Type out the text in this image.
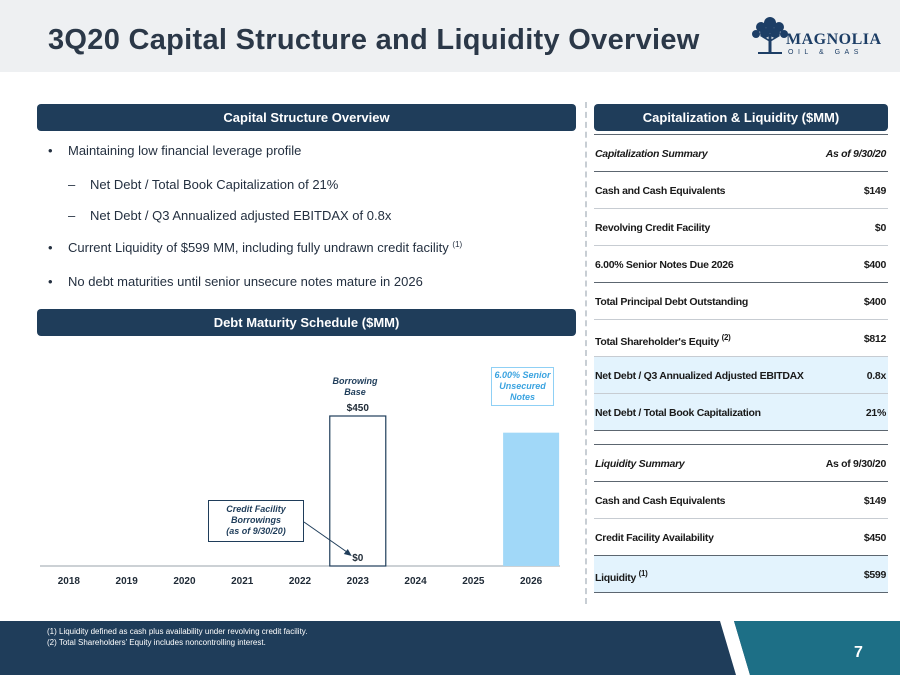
3Q20 Capital Structure and Liquidity Overview	MAGNOLIA
OIL & GAS
Capital Structure Overview
• Maintaining low financial leverage profile
– Net Debt / Total Book Capitalization of 21%
– Net Debt / Q3 Annualized adjusted EBITDAX of 0.8x
• Current Liquidity of $599 MM, including fully undrawn credit facility $^{(1)}$
• No debt maturities until senior unsecure notes mature in 2026
Debt Maturity Schedule ($MM)
$450
$0
2018	2019	2020	2021	2022	2023	2024	2025	2026
Borrowing
Base
6.00% Senior
Unsecured
Notes
Credit Facility
Borrowings
(as of 9/30/20)
Capitalization & Liquidity ($MM)
Capitalization Summary	As of 9/30/20
Cash and Cash Equivalents	$149
Revolving Credit Facility	$0
6.00% Senior Notes Due 2026	$400
Total Principal Debt Outstanding	$400
Total Shareholder's Equity $^{(2)}$	$812
Net Debt / Q3 Annualized Adjusted EBITDAX	0.8x
Net Debt / Total Book Capitalization	21%
Liquidity Summary	As of 9/30/20
Cash and Cash Equivalents	$149
Credit Facility Availability	$450
Liquidity $^{(1)}$	$599
(1) Liquidity defined as cash plus availability under revolving credit facility.
(2) Total Shareholders’ Equity includes noncontrolling interest.
7
